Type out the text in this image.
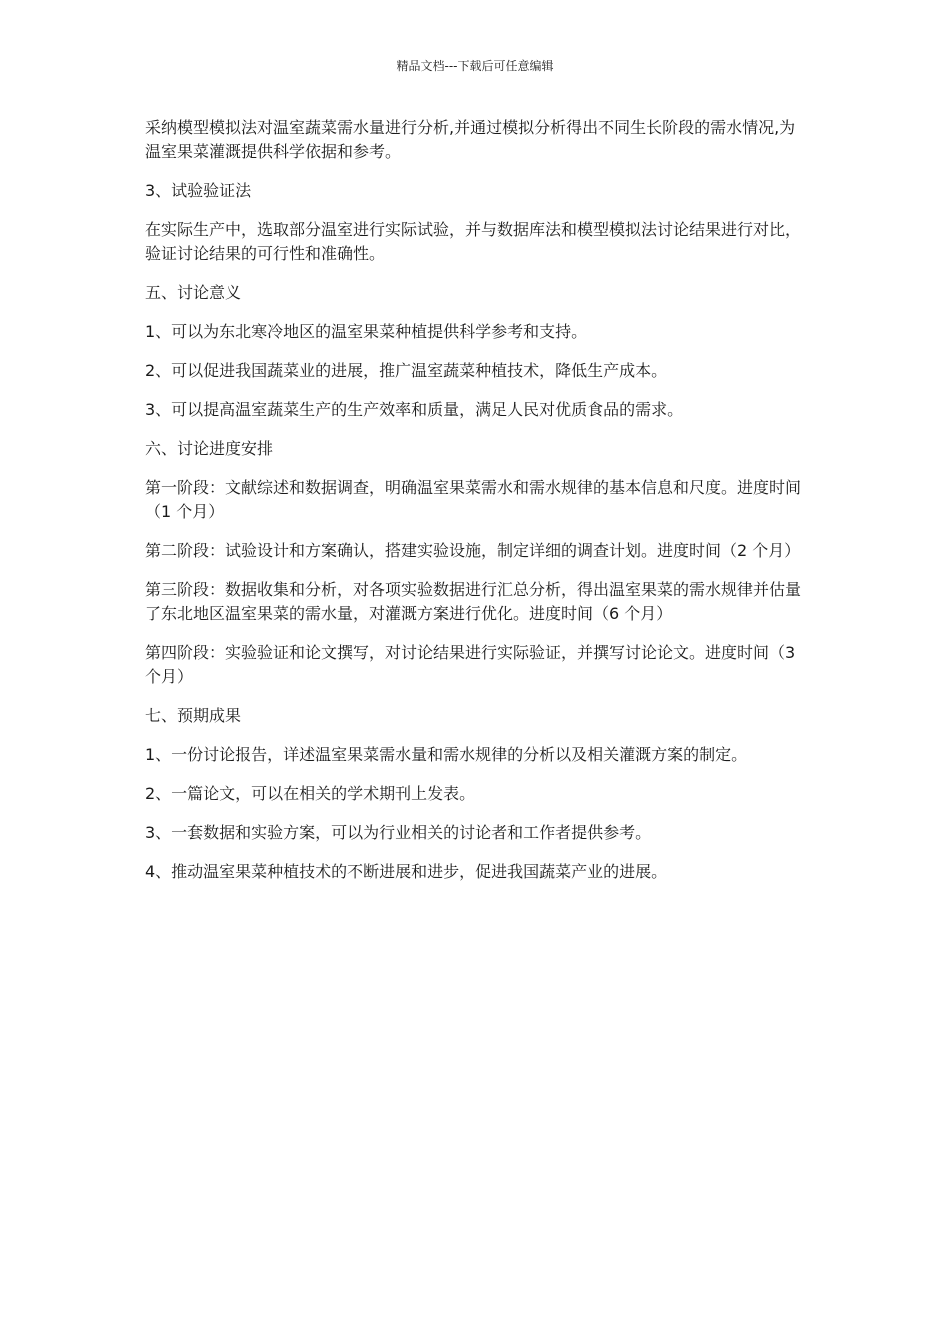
精品文档---下载后可任意编辑

采纳模型模拟法对温室蔬菜需水量进行分析,并通过模拟分析得出不同生长阶段的需水情况,为温室果菜灌溉提供科学依据和参考。

3、试验验证法

在实际生产中，选取部分温室进行实际试验，并与数据库法和模型模拟法讨论结果进行对比，验证讨论结果的可行性和准确性。

五、讨论意义

1、可以为东北寒冷地区的温室果菜种植提供科学参考和支持。

2、可以促进我国蔬菜业的进展，推广温室蔬菜种植技术，降低生产成本。

3、可以提高温室蔬菜生产的生产效率和质量，满足人民对优质食品的需求。

六、讨论进度安排

第一阶段：文献综述和数据调查，明确温室果菜需水和需水规律的基本信息和尺度。进度时间（1 个月）

第二阶段：试验设计和方案确认，搭建实验设施，制定详细的调查计划。进度时间（2 个月）

第三阶段：数据收集和分析，对各项实验数据进行汇总分析，得出温室果菜的需水规律并估量了东北地区温室果菜的需水量，对灌溉方案进行优化。进度时间（6 个月）

第四阶段：实验验证和论文撰写，对讨论结果进行实际验证，并撰写讨论论文。进度时间（3 个月）

七、预期成果

1、一份讨论报告，详述温室果菜需水量和需水规律的分析以及相关灌溉方案的制定。

2、一篇论文，可以在相关的学术期刊上发表。

3、一套数据和实验方案，可以为行业相关的讨论者和工作者提供参考。

4、推动温室果菜种植技术的不断进展和进步，促进我国蔬菜产业的进展。
